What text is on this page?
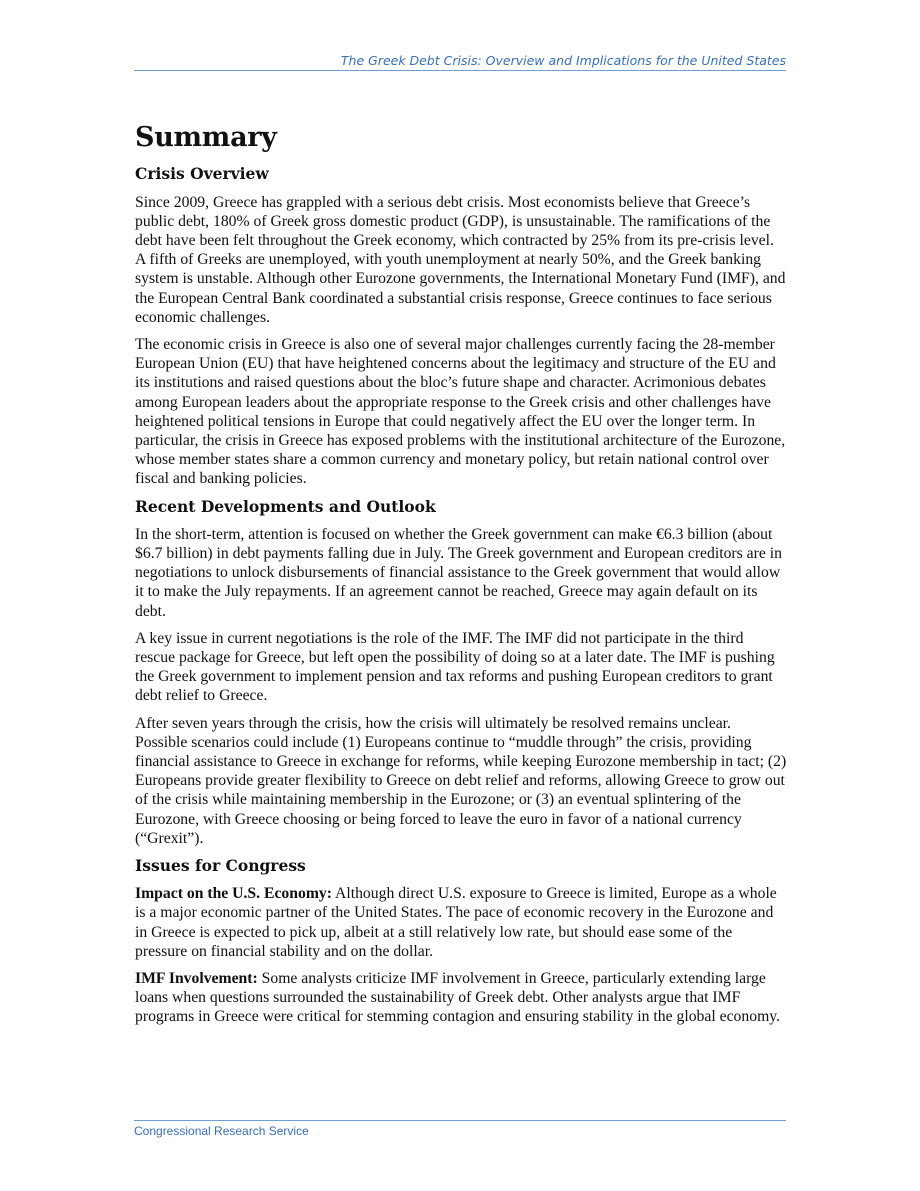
The Greek Debt Crisis: Overview and Implications for the United States
Summary
Crisis Overview

Since 2009, Greece has grappled with a serious debt crisis. Most economists believe that Greece’s public debt, 180% of Greek gross domestic product (GDP), is unsustainable. The ramifications of the debt have been felt throughout the Greek economy, which contracted by 25% from its pre-crisis level. A fifth of Greeks are unemployed, with youth unemployment at nearly 50%, and the Greek banking system is unstable. Although other Eurozone governments, the International Monetary Fund (IMF), and the European Central Bank coordinated a substantial crisis response, Greece continues to face serious economic challenges.

The economic crisis in Greece is also one of several major challenges currently facing the 28-member European Union (EU) that have heightened concerns about the legitimacy and structure of the EU and its institutions and raised questions about the bloc’s future shape and character. Acrimonious debates among European leaders about the appropriate response to the Greek crisis and other challenges have heightened political tensions in Europe that could negatively affect the EU over the longer term. In particular, the crisis in Greece has exposed problems with the institutional architecture of the Eurozone, whose member states share a common currency and monetary policy, but retain national control over fiscal and banking policies.

Recent Developments and Outlook

In the short-term, attention is focused on whether the Greek government can make €6.3 billion (about $6.7 billion) in debt payments falling due in July. The Greek government and European creditors are in negotiations to unlock disbursements of financial assistance to the Greek government that would allow it to make the July repayments. If an agreement cannot be reached, Greece may again default on its debt.

A key issue in current negotiations is the role of the IMF. The IMF did not participate in the third rescue package for Greece, but left open the possibility of doing so at a later date. The IMF is pushing the Greek government to implement pension and tax reforms and pushing European creditors to grant debt relief to Greece.

After seven years through the crisis, how the crisis will ultimately be resolved remains unclear. Possible scenarios could include (1) Europeans continue to “muddle through” the crisis, providing financial assistance to Greece in exchange for reforms, while keeping Eurozone membership in tact; (2) Europeans provide greater flexibility to Greece on debt relief and reforms, allowing Greece to grow out of the crisis while maintaining membership in the Eurozone; or (3) an eventual splintering of the Eurozone, with Greece choosing or being forced to leave the euro in favor of a national currency (“Grexit”).

Issues for Congress

Impact on the U.S. Economy: Although direct U.S. exposure to Greece is limited, Europe as a whole is a major economic partner of the United States. The pace of economic recovery in the Eurozone and in Greece is expected to pick up, albeit at a still relatively low rate, but should ease some of the pressure on financial stability and on the dollar.

IMF Involvement: Some analysts criticize IMF involvement in Greece, particularly extending large loans when questions surrounded the sustainability of Greek debt. Other analysts argue that IMF programs in Greece were critical for stemming contagion and ensuring stability in the global economy.

Congressional Research Service
